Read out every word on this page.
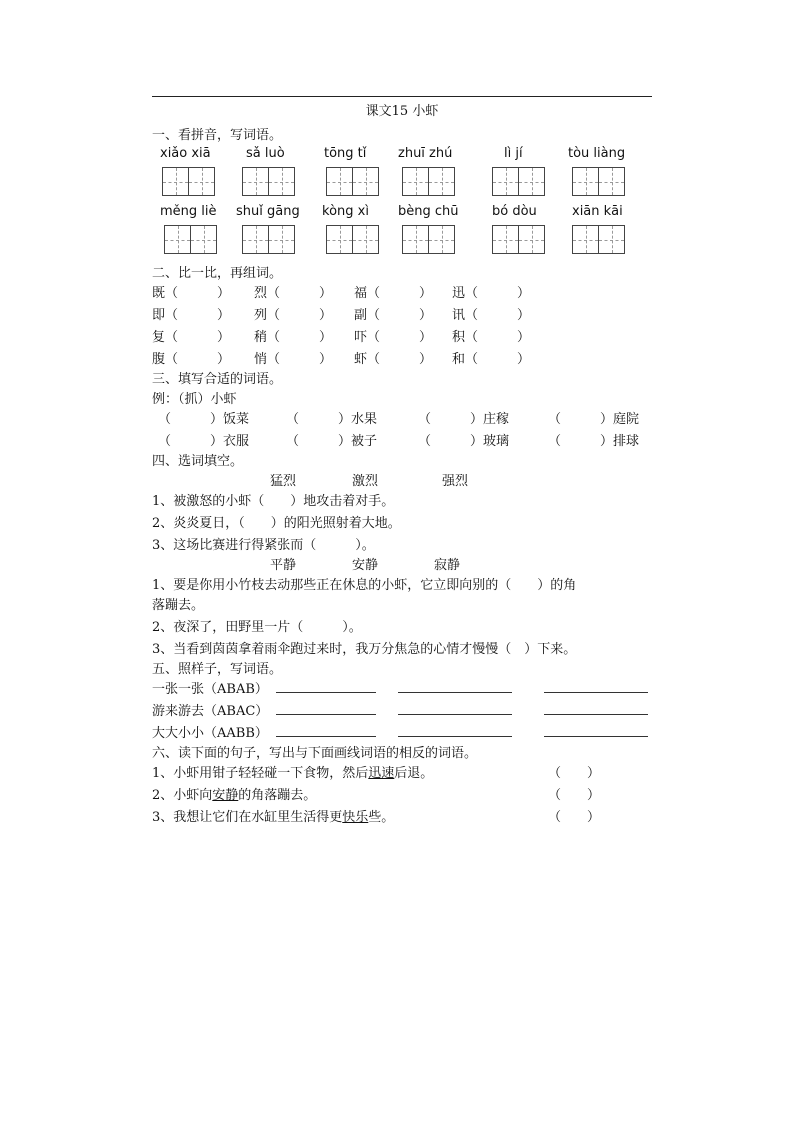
课文15 小虾
一、看拼音，写词语。
xiǎo xiā	sǎ luò	tōng tǐ	zhuī zhú	lì jí	tòu liàng
měng liè	shuǐ gāng	kòng xì	bèng chū	bó dòu	xiān kāi
二、比一比，再组词。
既（　　　） 烈（　　　） 福（　　　） 迅（　　　）
即（　　　） 列（　　　） 副（　　　） 讯（　　　）
复（　　　） 稍（　　　） 吓（　　　） 积（　　　）
腹（　　　） 悄（　　　） 虾（　　　） 和（　　　）
三、填写合适的词语。
例：（抓）小虾
（　　　）饭菜	（　　　）水果	（　　　）庄稼	（　　　）庭院
（　　　）衣服	（　　　）被子	（　　　）玻璃	（　　　）排球
四、选词填空。
猛烈	激烈	强烈
1、被激怒的小虾（　　）地攻击着对手。
2、炎炎夏日，（　　）的阳光照射着大地。
3、这场比赛进行得紧张而（　　　）。
平静	安静	寂静
1、要是你用小竹枝去动那些正在休息的小虾，它立即向别的（　　）的角
落蹦去。
2、夜深了，田野里一片（　　　）。
3、当看到茵茵拿着雨伞跑过来时，我万分焦急的心情才慢慢（　）下来。
五、照样子，写词语。
一张一张（ABAB）
游来游去（ABAC）
大大小小（AABB）
六、读下面的句子，写出与下面画线词语的相反的词语。
1、小虾用钳子轻轻碰一下食物，然后迅速后退。	（　　）
2、小虾向安静的角落蹦去。	（　　）
3、我想让它们在水缸里生活得更快乐些。	（　　）
